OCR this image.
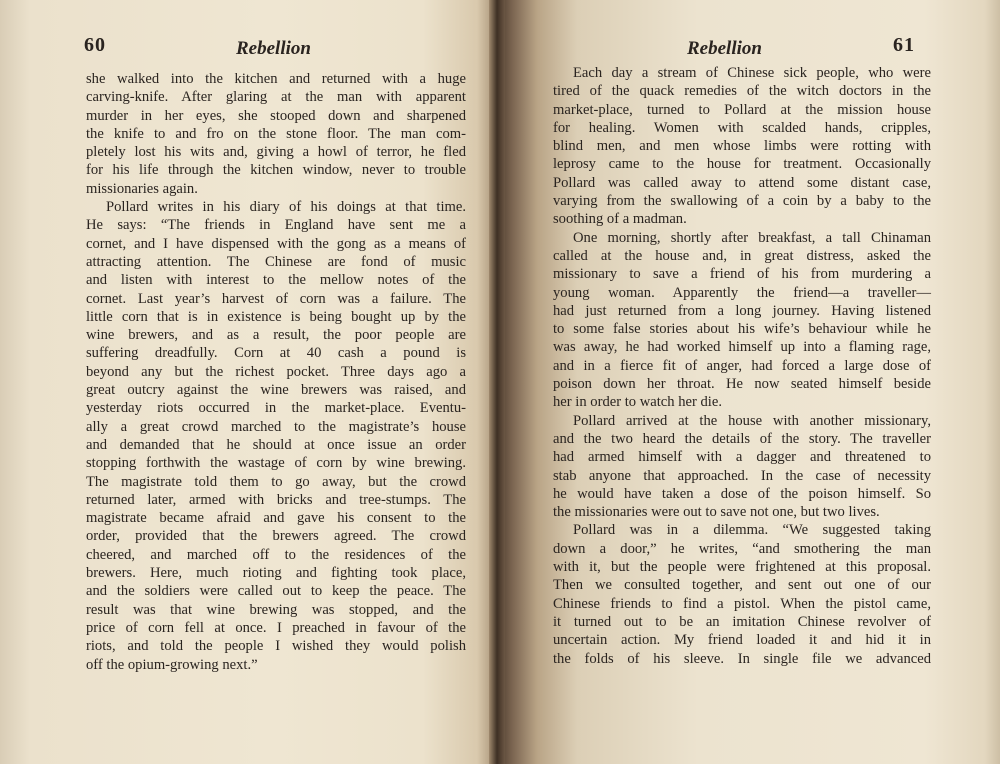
60	Rebellion
she walked into the kitchen and returned with a huge
carving-knife. After glaring at the man with apparent
murder in her eyes, she stooped down and sharpened
the knife to and fro on the stone floor. The man com-
pletely lost his wits and, giving a howl of terror, he fled
for his life through the kitchen window, never to trouble
missionaries again.
Pollard writes in his diary of his doings at that time.
He says: “The friends in England have sent me a
cornet, and I have dispensed with the gong as a means of
attracting attention. The Chinese are fond of music
and listen with interest to the mellow notes of the
cornet. Last year’s harvest of corn was a failure. The
little corn that is in existence is being bought up by the
wine brewers, and as a result, the poor people are
suffering dreadfully. Corn at 40 cash a pound is
beyond any but the richest pocket. Three days ago a
great outcry against the wine brewers was raised, and
yesterday riots occurred in the market-place. Eventu-
ally a great crowd marched to the magistrate’s house
and demanded that he should at once issue an order
stopping forthwith the wastage of corn by wine brewing.
The magistrate told them to go away, but the crowd
returned later, armed with bricks and tree-stumps. The
magistrate became afraid and gave his consent to the
order, provided that the brewers agreed. The crowd
cheered, and marched off to the residences of the
brewers. Here, much rioting and fighting took place,
and the soldiers were called out to keep the peace. The
result was that wine brewing was stopped, and the
price of corn fell at once. I preached in favour of the
riots, and told the people I wished they would polish
off the opium-growing next.”
Rebellion	61
Each day a stream of Chinese sick people, who were
tired of the quack remedies of the witch doctors in the
market-place, turned to Pollard at the mission house
for healing. Women with scalded hands, cripples,
blind men, and men whose limbs were rotting with
leprosy came to the house for treatment. Occasionally
Pollard was called away to attend some distant case,
varying from the swallowing of a coin by a baby to the
soothing of a madman.
One morning, shortly after breakfast, a tall Chinaman
called at the house and, in great distress, asked the
missionary to save a friend of his from murdering a
young woman. Apparently the friend—a traveller—
had just returned from a long journey. Having listened
to some false stories about his wife’s behaviour while he
was away, he had worked himself up into a flaming rage,
and in a fierce fit of anger, had forced a large dose of
poison down her throat. He now seated himself beside
her in order to watch her die.
Pollard arrived at the house with another missionary,
and the two heard the details of the story. The traveller
had armed himself with a dagger and threatened to
stab anyone that approached. In the case of necessity
he would have taken a dose of the poison himself. So
the missionaries were out to save not one, but two lives.
Pollard was in a dilemma. “We suggested taking
down a door,” he writes, “and smothering the man
with it, but the people were frightened at this proposal.
Then we consulted together, and sent out one of our
Chinese friends to find a pistol. When the pistol came,
it turned out to be an imitation Chinese revolver of
uncertain action. My friend loaded it and hid it in
the folds of his sleeve. In single file we advanced
